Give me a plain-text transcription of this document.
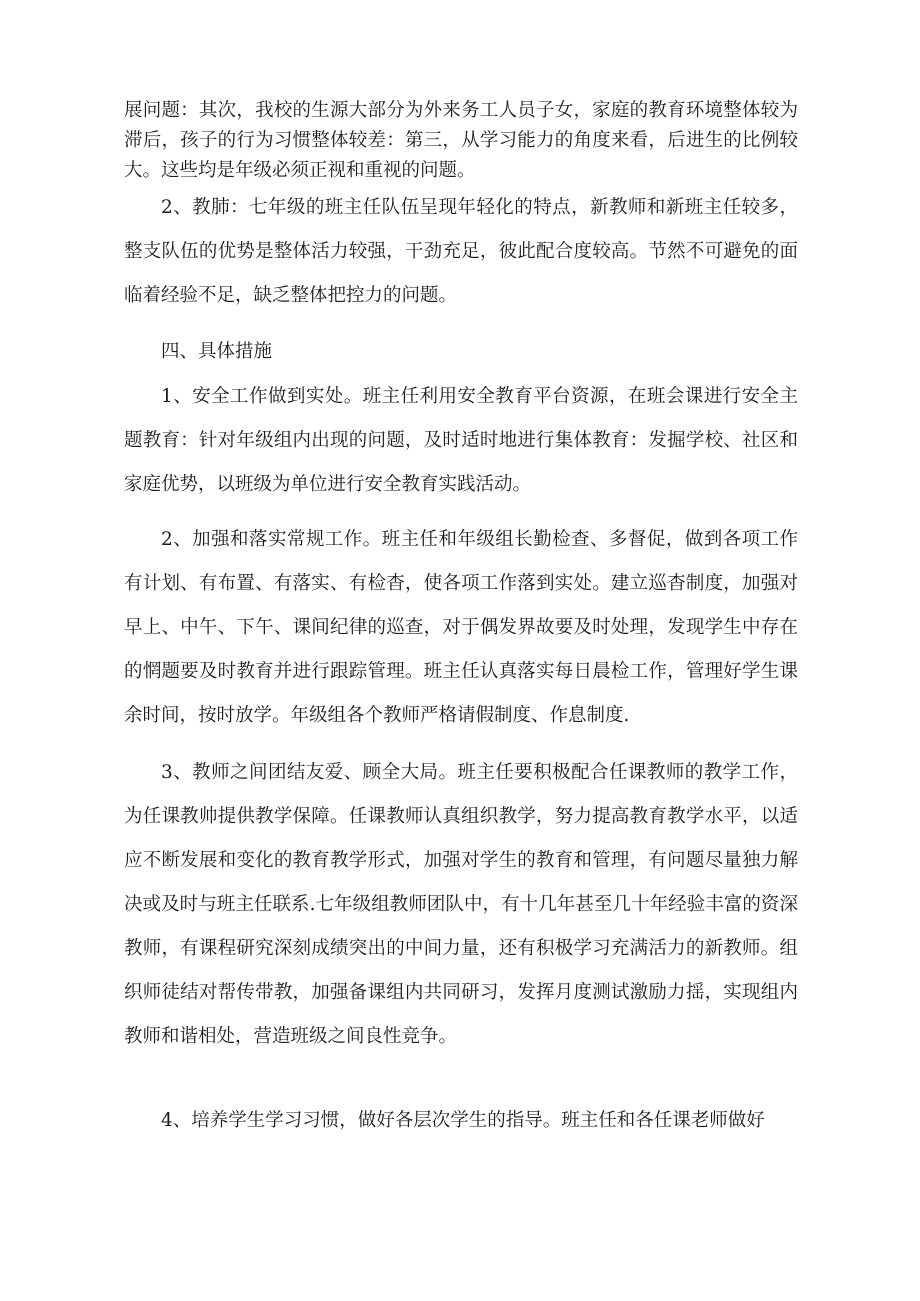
展问题：其次，我校的生源大部分为外来务工人员子女，家庭的教育环境整体较为滞后，孩子的行为习惯整体较差：第三，从学习能力的角度来看，后进生的比例较大。这些均是年级必须正视和重视的问题。

2、教肺：七年级的班主任队伍呈现年轻化的特点，新教师和新班主任较多，整支队伍的优势是整体活力较强，干劲充足，彼此配合度较高。节然不可避免的面临着经验不足，缺乏整体把控力的问题。

四、具体措施

1、安全工作做到实处。班主任利用安全教育平台资源，在班会课进行安全主题教育：针对年级组内出现的问题，及时适时地进行集体教育：发掘学校、社区和家庭优势，以班级为单位进行安全教育实践活动。

2、加强和落实常规工作。班主任和年级组长勤检查、多督促，做到各项工作有计划、有布置、有落实、有检杳，使各项工作落到实处。建立巡杳制度，加强对早上、中午、下午、课间纪律的巡查，对于偶发界故要及时处理，发现学生中存在的惘题要及时教育并进行跟踪管理。班主任认真落实每日晨检工作，管理好学生课余时间，按时放学。年级组各个教师严格请假制度、作息制度.

3、教师之间团结友爱、顾全大局。班主任要积极配合任课教师的教学工作，为任课教帅提供教学保障。任课教师认真组织教学，努力提高教育教学水平，以适应不断发展和变化的教育教学形式，加强对学生的教育和管理，有问题尽量独力解决或及时与班主任联系.七年级组教师团队中，有十几年甚至几十年经验丰富的资深教师，有课程研究深刻成绩突出的中间力量，还有积极学习充满活力的新教师。组织师徒结对帮传带教，加强备课组内共同研习，发挥月度测试激励力揺，实现组内教师和谐相处，营造班级之间良性竞争。

4、培养学生学习习惯，做好各层次学生的指导。班主任和各任课老师做好
